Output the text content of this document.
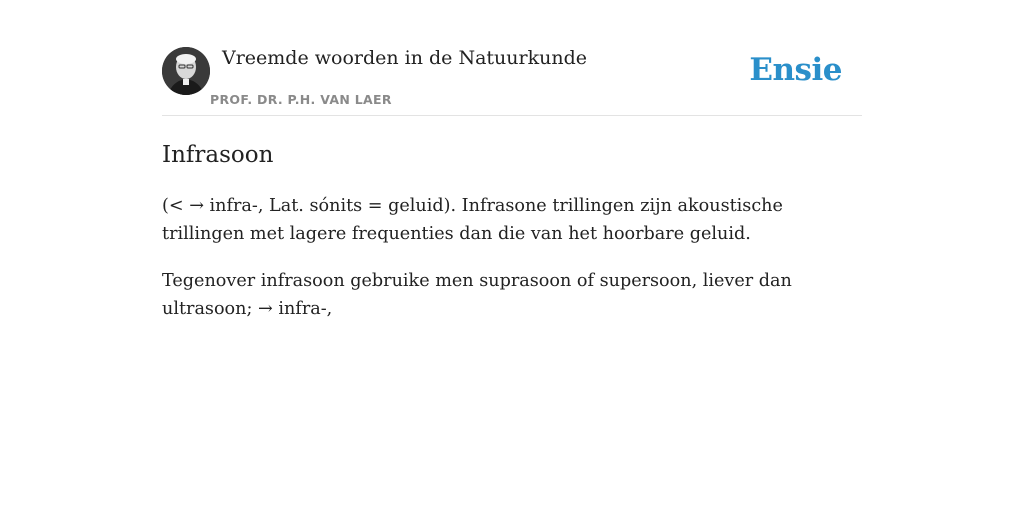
Vreemde woorden in de Natuurkunde
PROF. DR. P.H. VAN LAER
Ensie
Infrasoon

(< → infra-, Lat. sónits = geluid). Infrasone trillingen zijn akoustische trillingen met lagere frequenties dan die van het hoorbare geluid.

Tegenover infrasoon gebruike men suprasoon of supersoon, liever dan ultrasoon; → infra-,
